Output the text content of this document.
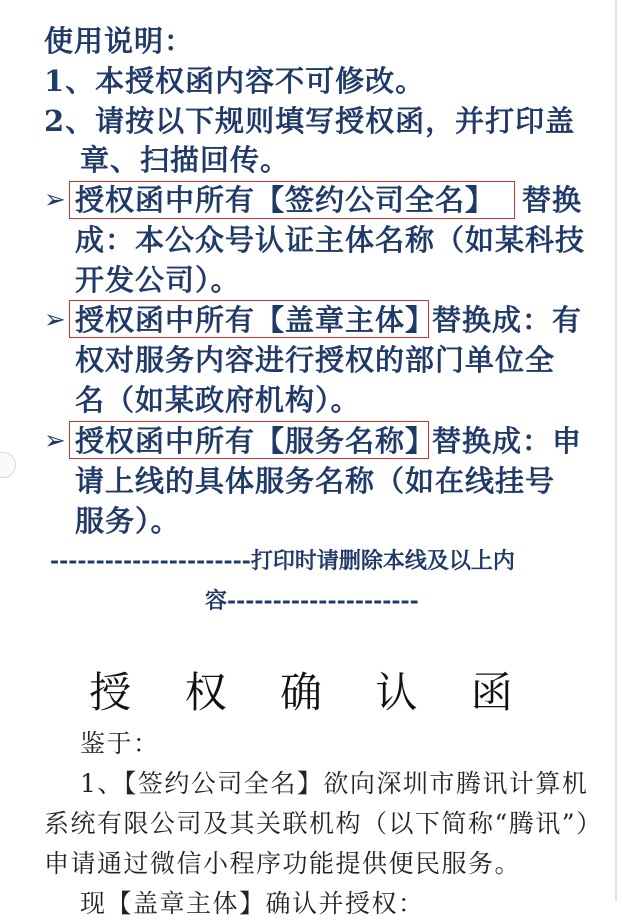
使用说明：
1、本授权函内容不可修改。
2、请按以下规则填写授权函，并打印盖
章、扫描回传。
➢ 授权函中所有【签约公司全名】 替换
成：本公众号认证主体名称（如某科技
开发公司）。
➢ 授权函中所有【盖章主体】
替换成：有
权对服务内容进行授权的部门单位全
名（如某政府机构）。
➢ 授权函中所有【服务名称】
替换成：申
请上线的具体服务名称（如在线挂号
服务）。
----------------------打印时请删除本线及以上内
容---------------------
授 权 确 认 函
鉴于：
1、【签约公司全名】欲向深圳市腾讯计算机
系统有限公司及其关联机构（以下简称“腾讯”）
申请通过微信小程序功能提供便民服务。
现【盖章主体】确认并授权：
